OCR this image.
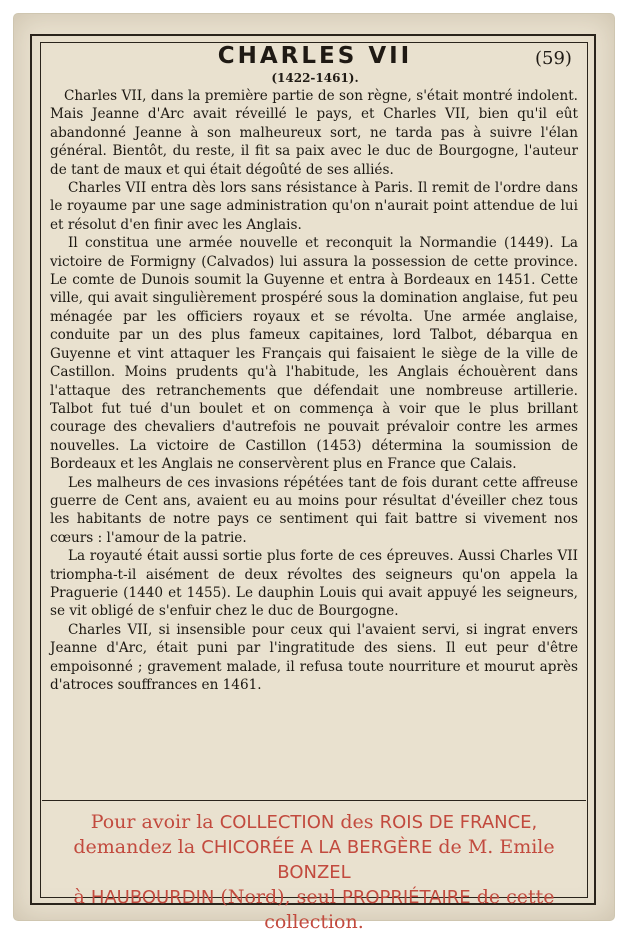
CHARLES VII	(59)
(1422-1461).

Charles VII, dans la première partie de son règne, s'était montré indolent. Mais Jeanne d'Arc avait réveillé le pays, et Charles VII, bien qu'il eût abandonné Jeanne à son malheureux sort, ne tarda pas à suivre l'élan général. Bientôt, du reste, il fit sa paix avec le duc de Bourgogne, l'auteur de tant de maux et qui était dégoûté de ses alliés.

Charles VII entra dès lors sans résistance à Paris. Il remit de l'ordre dans le royaume par une sage administration qu'on n'aurait point attendue de lui et résolut d'en finir avec les Anglais.

Il constitua une armée nouvelle et reconquit la Normandie (1449). La victoire de Formigny (Calvados) lui assura la possession de cette province. Le comte de Dunois soumit la Guyenne et entra à Bordeaux en 1451. Cette ville, qui avait singulièrement prospéré sous la domination anglaise, fut peu ménagée par les officiers royaux et se révolta. Une armée anglaise, conduite par un des plus fameux capitaines, lord Talbot, débarqua en Guyenne et vint attaquer les Français qui faisaient le siège de la ville de Castillon. Moins prudents qu'à l'habitude, les Anglais échouèrent dans l'attaque des retranchements que défendait une nombreuse artillerie. Talbot fut tué d'un boulet et on commença à voir que le plus brillant courage des chevaliers d'autrefois ne pouvait prévaloir contre les armes nouvelles. La victoire de Castillon (1453) détermina la soumission de Bordeaux et les Anglais ne conservèrent plus en France que Calais.

Les malheurs de ces invasions répétées tant de fois durant cette affreuse guerre de Cent ans, avaient eu au moins pour résultat d'éveiller chez tous les habitants de notre pays ce sentiment qui fait battre si vivement nos cœurs : l'amour de la patrie.

La royauté était aussi sortie plus forte de ces épreuves. Aussi Charles VII triompha-t-il aisément de deux révoltes des seigneurs qu'on appela la Praguerie (1440 et 1455). Le dauphin Louis qui avait appuyé les seigneurs, se vit obligé de s'enfuir chez le duc de Bourgogne.

Charles VII, si insensible pour ceux qui l'avaient servi, si ingrat envers Jeanne d'Arc, était puni par l'ingratitude des siens. Il eut peur d'être empoisonné ; gravement malade, il refusa toute nourriture et mourut après d'atroces souffrances en 1461.

Pour avoir la COLLECTION des ROIS DE FRANCE,
demandez la CHICORÉE A LA BERGÈRE de M. Emile BONZEL
à HAUBOURDIN (Nord), seul PROPRIÉTAIRE de cette collection.
